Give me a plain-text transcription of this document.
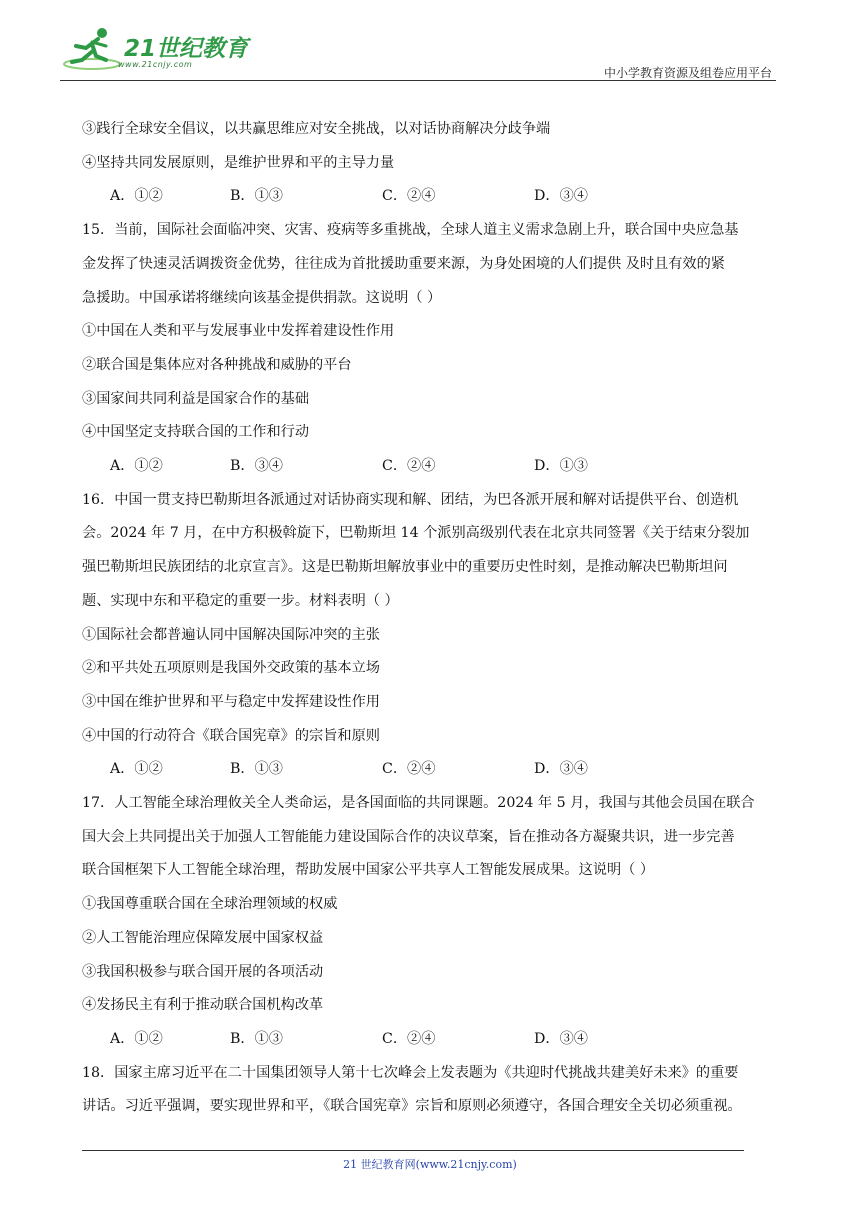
21世纪教育
www.21cnjy.com
中小学教育资源及组卷应用平台
③践行全球安全倡议，以共赢思维应对安全挑战，以对话协商解决分歧争端
④坚持共同发展原则，是维护世界和平的主导力量
A．①②	B．①③	C．②④	D．③④
15．当前，国际社会面临冲突、灾害、疫病等多重挑战，全球人道主义需求急剧上升，联合国中央应急基
金发挥了快速灵活调拨资金优势，往往成为首批援助重要来源，为身处困境的人们提供 及时且有效的紧
急援助。中国承诺将继续向该基金提供捐款。这说明（ ）
①中国在人类和平与发展事业中发挥着建设性作用
②联合国是集体应对各种挑战和威胁的平台
③国家间共同利益是国家合作的基础
④中国坚定支持联合国的工作和行动
A．①②	B．③④	C．②④	D．①③
16．中国一贯支持巴勒斯坦各派通过对话协商实现和解、团结，为巴各派开展和解对话提供平台、创造机
会。2024 年 7 月，在中方积极斡旋下，巴勒斯坦 14 个派别高级别代表在北京共同签署《关于结束分裂加
强巴勒斯坦民族团结的北京宣言》。这是巴勒斯坦解放事业中的重要历史性时刻，是推动解决巴勒斯坦问
题、实现中东和平稳定的重要一步。材料表明（ ）
①国际社会都普遍认同中国解决国际冲突的主张
②和平共处五项原则是我国外交政策的基本立场
③中国在维护世界和平与稳定中发挥建设性作用
④中国的行动符合《联合国宪章》的宗旨和原则
A．①②	B．①③	C．②④	D．③④
17．人工智能全球治理攸关全人类命运，是各国面临的共同课题。2024 年 5 月，我国与其他会员国在联合
国大会上共同提出关于加强人工智能能力建设国际合作的决议草案，旨在推动各方凝聚共识，进一步完善
联合国框架下人工智能全球治理，帮助发展中国家公平共享人工智能发展成果。这说明（ ）
①我国尊重联合国在全球治理领域的权威
②人工智能治理应保障发展中国家权益
③我国积极参与联合国开展的各项活动
④发扬民主有利于推动联合国机构改革
A．①②	B．①③	C．②④	D．③④
18．国家主席习近平在二十国集团领导人第十七次峰会上发表题为《共迎时代挑战共建美好未来》的重要
讲话。习近平强调，要实现世界和平，《联合国宪章》宗旨和原则必须遵守，各国合理安全关切必须重视。
21 世纪教育网(www.21cnjy.com)
